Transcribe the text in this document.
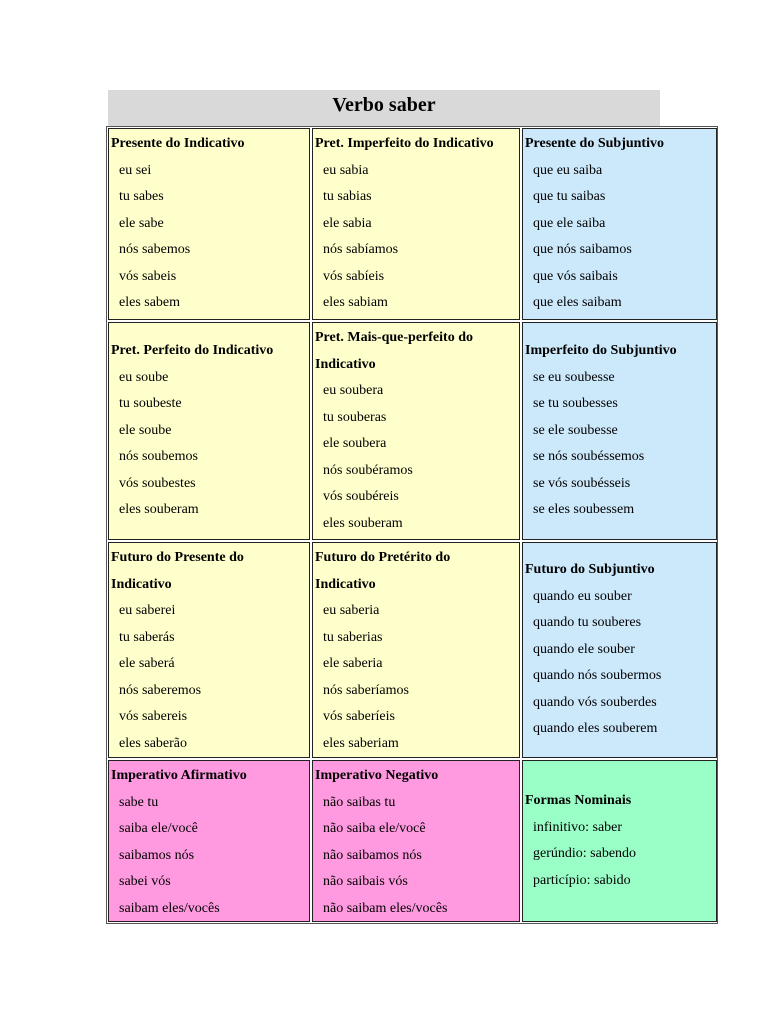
Verbo saber

Presente do Indicativo

eu sei

tu sabes

ele sabe

nós sabemos

vós sabeis

eles sabem

Pret. Imperfeito do Indicativo

eu sabia

tu sabias

ele sabia

nós sabíamos

vós sabíeis

eles sabiam

Presente do Subjuntivo

que eu saiba

que tu saibas

que ele saiba

que nós saibamos

que vós saibais

que eles saibam

Pret. Perfeito do Indicativo

eu soube

tu soubeste

ele soube

nós soubemos

vós soubestes

eles souberam

Pret. Mais-que-perfeito do

Indicativo

eu soubera

tu souberas

ele soubera

nós soubéramos

vós soubéreis

eles souberam

Imperfeito do Subjuntivo

se eu soubesse

se tu soubesses

se ele soubesse

se nós soubéssemos

se vós soubésseis

se eles soubessem

Futuro do Presente do

Indicativo

eu saberei

tu saberás

ele saberá

nós saberemos

vós sabereis

eles saberão

Futuro do Pretérito do

Indicativo

eu saberia

tu saberias

ele saberia

nós saberíamos

vós saberíeis

eles saberiam

Futuro do Subjuntivo

quando eu souber

quando tu souberes

quando ele souber

quando nós soubermos

quando vós souberdes

quando eles souberem

Imperativo Afirmativo

sabe tu

saiba ele/você

saibamos nós

sabei vós

saibam eles/vocês

Imperativo Negativo

não saibas tu

não saiba ele/você

não saibamos nós

não saibais vós

não saibam eles/vocês

Formas Nominais

infinitivo: saber

gerúndio: sabendo

particípio: sabido
